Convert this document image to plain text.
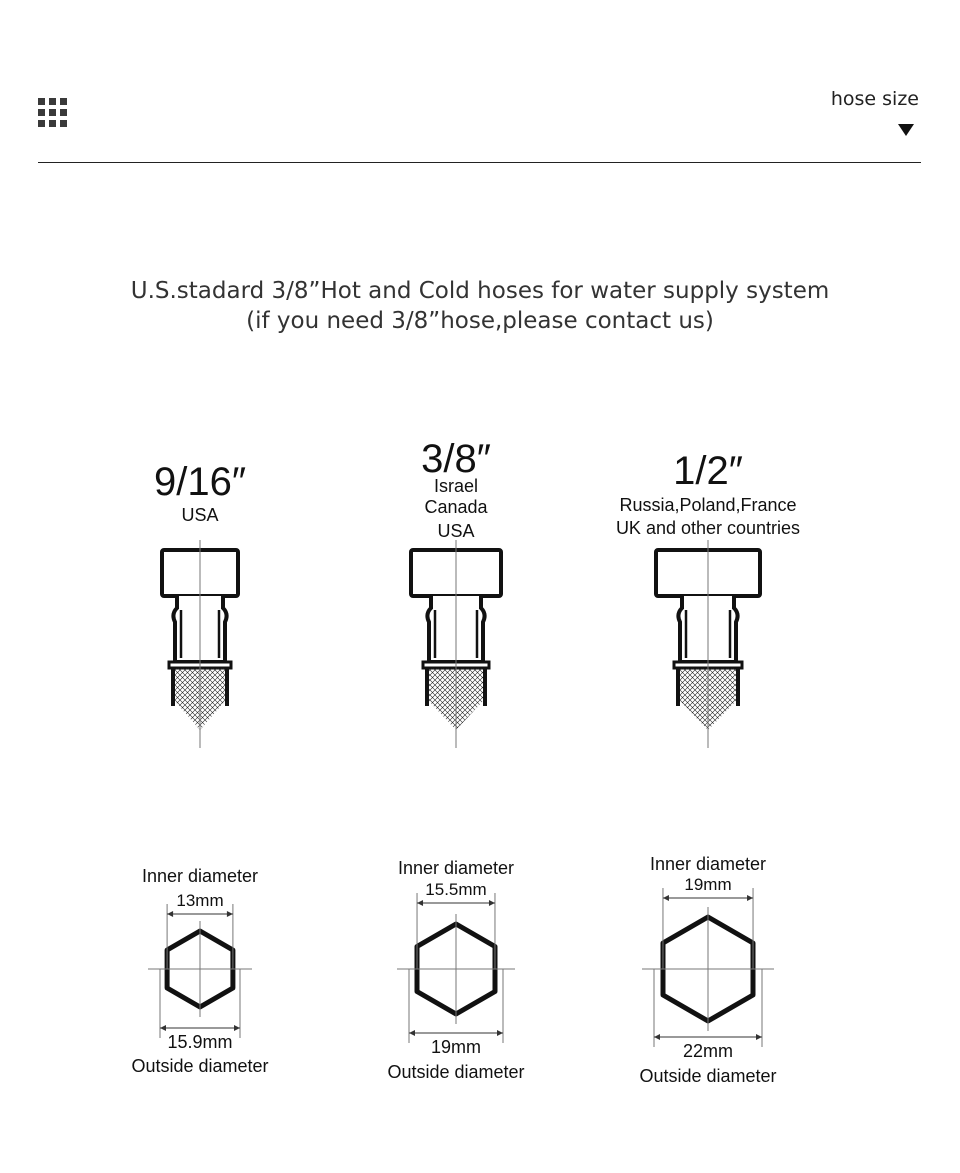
hose size
U.S.stadard 3/8”Hot and Cold hoses for water supply system
(if you need 3/8”hose,please contact us)
9/16″
USA
Inner diameter
13mm
15.9mm
Outside diameter
3/8″
Israel
Canada
USA
Inner diameter
15.5mm
19mm
Outside diameter
1/2″
Russia,Poland,France
UK and other countries
Inner diameter
19mm
22mm
Outside diameter
